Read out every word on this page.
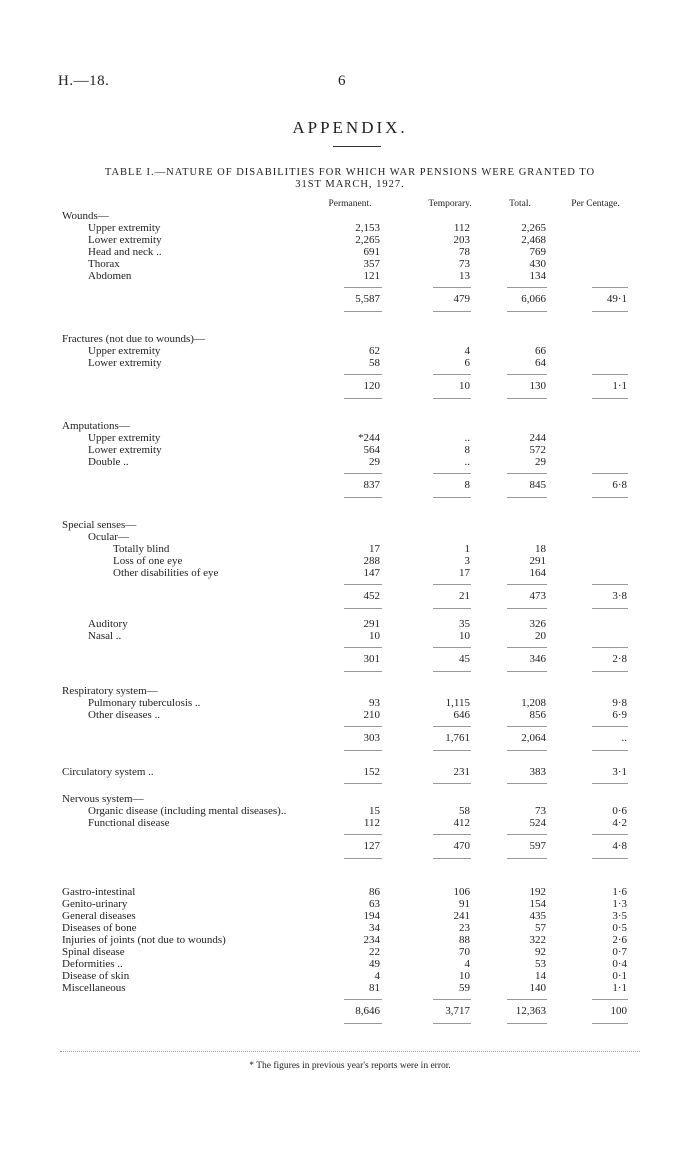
H.—18.	6
APPENDIX.
TABLE I.—NATURE OF DISABILITIES FOR WHICH WAR PENSIONS WERE GRANTED TO
31ST MARCH, 1927.
Permanent.	Temporary.	Total.	Per Centage.
Wounds—
Upper extremity	2,153	112	2,265
Lower extremity	2,265	203	2,468
Head and neck ..	691	78	769
Thorax	357	73	430
Abdomen	121	13	134
5,587	479	6,066	49·1
Fractures (not due to wounds)—
Upper extremity	62	4	66
Lower extremity	58	6	64
120	10	130	1·1
Amputations—
Upper extremity	*244	..	244
Lower extremity	564	8	572
Double ..	29	..	29
837	8	845	6·8
Special senses—
Ocular—
Totally blind	17	1	18
Loss of one eye	288	3	291
Other disabilities of eye	147	17	164
452	21	473	3·8
Auditory	291	35	326
Nasal ..	10	10	20
301	45	346	2·8
Respiratory system—
Pulmonary tuberculosis ..	93	1,115	1,208	9·8
Other diseases ..	210	646	856	6·9
303	1,761	2,064	..
Circulatory system ..	152	231	383	3·1
Nervous system—
Organic disease (including mental diseases)..	15	58	73	0·6
Functional disease	112	412	524	4·2
127	470	597	4·8
Gastro-intestinal	86	106	192	1·6
Genito-urinary	63	91	154	1·3
General diseases	194	241	435	3·5
Diseases of bone	34	23	57	0·5
Injuries of joints (not due to wounds)	234	88	322	2·6
Spinal disease	22	70	92	0·7
Deformities ..	49	4	53	0·4
Disease of skin	4	10	14	0·1
Miscellaneous	81	59	140	1·1
8,646	3,717	12,363	100
* The figures in previous year's reports were in error.
